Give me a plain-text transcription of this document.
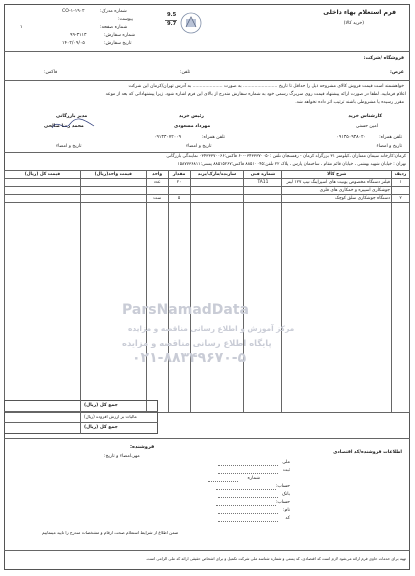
فرم استعلام بهاء داخلی
(خرید کالا)
9.5
9.7
شماره مدرک:
CO-۱-۱۹۰۲
پیوست:
شماره صفحه:
۱
شماره سفارش:
۹۹-۳۱۱۳
تاریخ سفارش:
۱۴۰۲/۰۹/۰۵
فروشگاه /شرکت:
غرض:
تلفن:
فاکس:
خواهشمند است قیمت فروش کالای مشروحه ذیل را حداقل تا تاریخ ........................ به صورت ..................... به آدرس تهران/کرمان این شرکت
اعلام فرمایید. لطفا در صورت ارائه پیشنهاد قیمت روی سربرگ رسمی خود به شماره سفارش مندرج از بالای این فرم اشاره شود. زیرا پیشنهاداتی که بعد از موعد
مقرر رسیده یا مشروطی باشند ترتیب اثر داده نخواهد شد.
کارشناس خرید
امین حسنی
رئیس خرید
مهرداد مسعودی
مدیر بازرگانی
محمد رضا صالحی
تلفن همراه:
۰۹۱۳۵۰۹۳۸۰۲۰
تلفن همراه:
۰۹۱۳۳۰۷۲۰۰۹
تاریخ و امضاء
تاریخ و امضاء
تاریخ و امضاء
کرمان:کارخانه سیمان ممتازان ،کیلومتر ۳۱ بزرگراه کرمان - رفسنجان تلفن :۰۳۴۳۳۳۷۰۰۵۰-۶۰ فاکس:۰۳۴۳۳۳۷۰۰۶۶ نمایندگی بازرگانی
تهران : خیابان شهید بهشتی ، خیابان قائم مقام ، ساختمان پارس ، پلاک ۲۲ تلفن:۸۸۵۱۰۰۴۵ فاکس:۸۸۵۱۵۲۶۷ پستی:۱۵۸۷۷۳۶۸۱۱
ردیف	شرح کالا	شماره فنی	سازنده/مارک/برند	مقدار	واحد	قیمت واحد(ریال)	قیمت کل (ریال)
۱	فیلتر دستگاه مخصوص یونیت های اسپراینگ تیپ ۱۲۷ لیتر	TA11		۲۰	عدد		
	جوشکاری اسپیره و خمکاری های فلزی						
۲	دستگاه جوشکاری سلق کوچک			۵	ست		

ParsNamadData
مرکز آموزش و اطلاع رسانی مناقصه و مزایده
پایگاه اطلاع رسانی مناقصه و مزایده
۰۲۱-۸۸۳۴۹۶۷۰-۵
جمع کل (ریال)
مالیات بر ارزش افزوده (ریال)
جمع کل (ریال)
فروشنده:
مهر،امضاء و تاریخ:
اطلاعات فروشنده/کد اقتصادی
ملی
ثبت
شماره
حساب:
بانک
حساب:
نام:
کد
ضمن اطلاع از شرایط استعلام صحت ارقام و مشخصات مندرج را تایید مینماییم
تهیه برای خدمات حاوی فرم ارائه می‌شود لازم است کد اقتصادی، کد پستی و شماره شناسه ملی شرکت تکمیل و برای اشخاص حقیقی ارائه کد ملی الزامی است.
